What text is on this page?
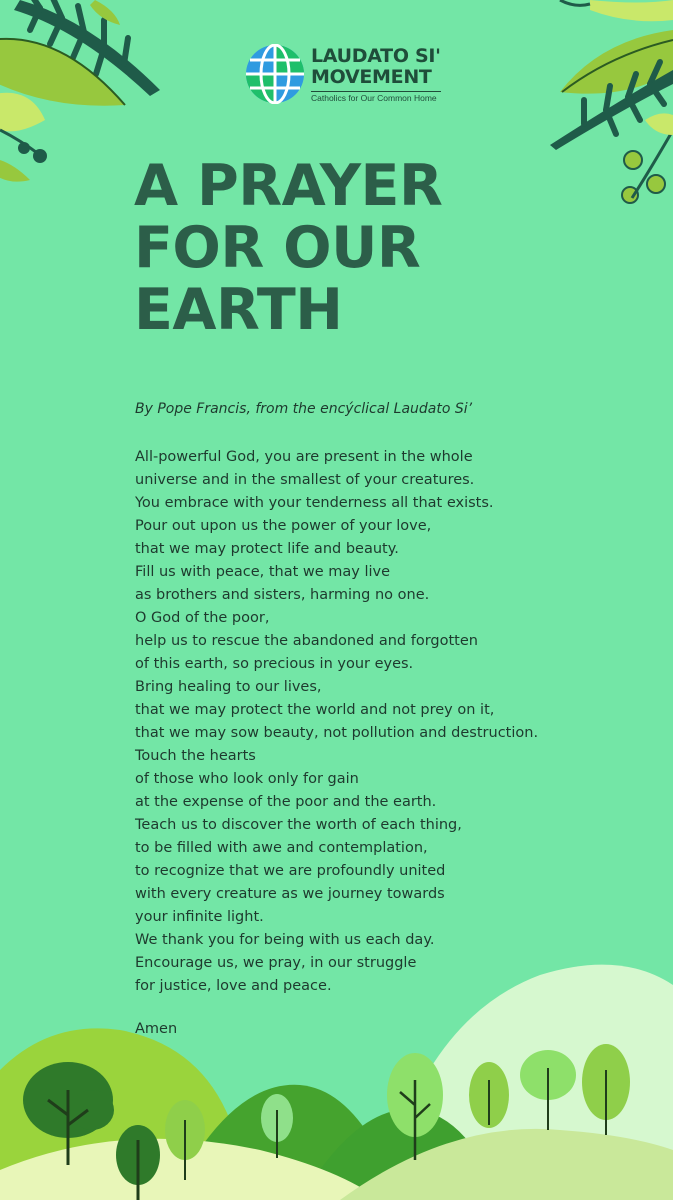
LAUDATO SI'
MOVEMENT
Catholics for Our Common Home
A PRAYER
FOR OUR
EARTH

By Pope Francis, from the encýclical Laudato Si’

All-powerful God, you are present in the whole
universe and in the smallest of your creatures.
You embrace with your tenderness all that exists.
Pour out upon us the power of your love,
that we may protect life and beauty.
Fill us with peace, that we may live
as brothers and sisters, harming no one.
O God of the poor,
help us to rescue the abandoned and forgotten
of this earth, so precious in your eyes.
Bring healing to our lives,
that we may protect the world and not prey on it,
that we may sow beauty, not pollution and destruction.
Touch the hearts
of those who look only for gain
at the expense of the poor and the earth.
Teach us to discover the worth of each thing,
to be filled with awe and contemplation,
to recognize that we are profoundly united
with every creature as we journey towards
your infinite light.
We thank you for being with us each day.
Encourage us, we pray, in our struggle
for justice, love and peace.

Amen
